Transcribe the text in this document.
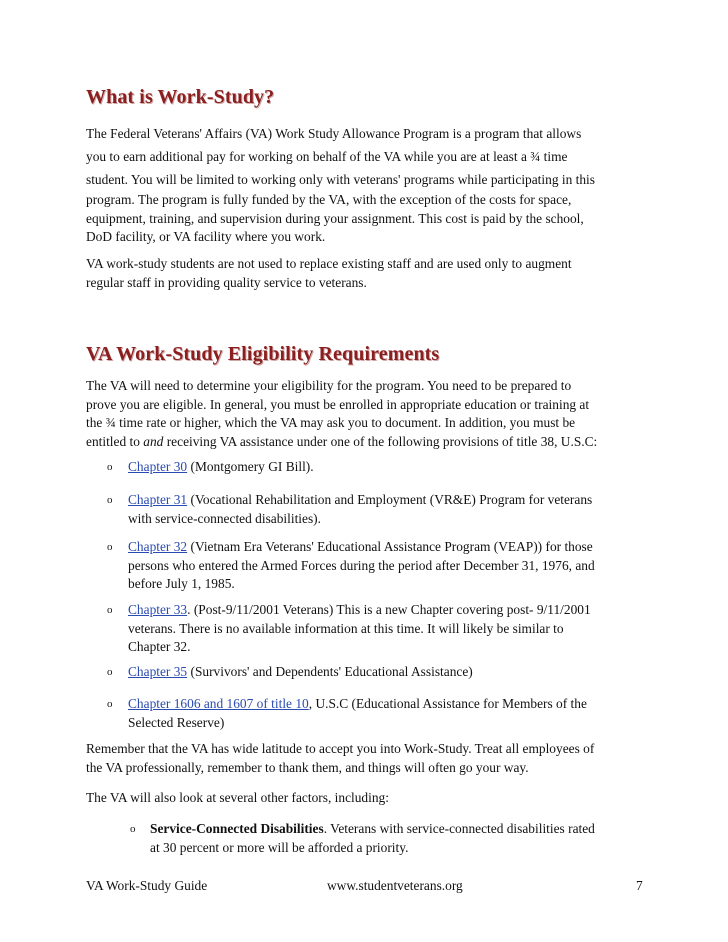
What is Work-Study?
The Federal Veterans' Affairs (VA) Work Study Allowance Program is a program that allows
you to earn additional pay for working on behalf of the VA while you are at least a ¾ time
student. You will be limited to working only with veterans' programs while participating in this
program. The program is fully funded by the VA, with the exception of the costs for space,
equipment, training, and supervision during your assignment. This cost is paid by the school,
DoD facility, or VA facility where you work.
VA work-study students are not used to replace existing staff and are used only to augment
regular staff in providing quality service to veterans.
VA Work-Study Eligibility Requirements
The VA will need to determine your eligibility for the program. You need to be prepared to
prove you are eligible. In general, you must be enrolled in appropriate education or training at
the ¾ time rate or higher, which the VA may ask you to document. In addition, you must be
entitled to and receiving VA assistance under one of the following provisions of title 38, U.S.C:
o Chapter 30 (Montgomery GI Bill).
o Chapter 31 (Vocational Rehabilitation and Employment (VR&E) Program for veterans
with service-connected disabilities).
o Chapter 32 (Vietnam Era Veterans' Educational Assistance Program (VEAP)) for those
persons who entered the Armed Forces during the period after December 31, 1976, and
before July 1, 1985.
o Chapter 33. (Post-9/11/2001 Veterans) This is a new Chapter covering post- 9/11/2001
veterans. There is no available information at this time. It will likely be similar to
Chapter 32.
o Chapter 35 (Survivors' and Dependents' Educational Assistance)
o Chapter 1606 and 1607 of title 10, U.S.C (Educational Assistance for Members of the
Selected Reserve)
Remember that the VA has wide latitude to accept you into Work-Study. Treat all employees of
the VA professionally, remember to thank them, and things will often go your way.
The VA will also look at several other factors, including:
o Service-Connected Disabilities. Veterans with service-connected disabilities rated
at 30 percent or more will be afforded a priority.
VA Work-Study Guide	www.studentveterans.org	7
